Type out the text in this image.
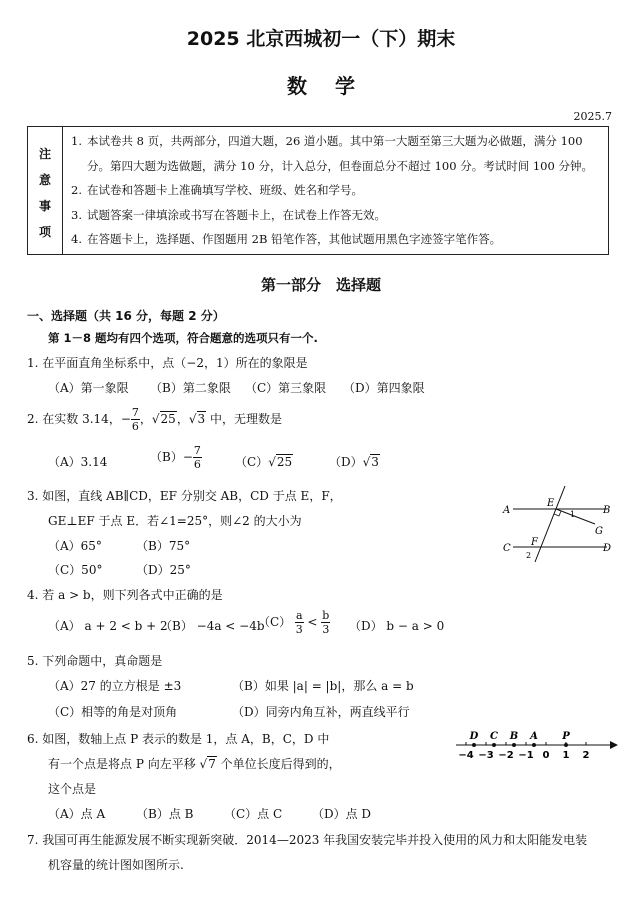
2025 北京西城初一（下）期末
数学
2025.7
注
意
事
项

1. 本试卷共 8 页，共两部分，四道大题，26 道小题。其中第一大题至第三大题为必做题，满分 100 分。第四大题为选做题，满分 10 分，计入总分，但卷面总分不超过 100 分。考试时间 100 分钟。
2. 在试卷和答题卡上准确填写学校、班级、姓名和学号。
3. 试题答案一律填涂或书写在答题卡上，在试卷上作答无效。
4. 在答题卡上，选择题、作图题用 2B 铅笔作答，其他试题用黑色字迹签字笔作答。
第一部分　选择题
一、选择题（共 16 分，每题 2 分）
第 1－8 题均有四个选项，符合题意的选项只有一个.
1. 在平面直角坐标系中，点（−2，1）所在的象限是
（A）第一象限 （B）第二象限 （C）第三象限 （D）第四象限
2. 在实数 3.14，− $\frac{7}{6}$ ，√25，√3 中，无理数是
（A）3.14	$(B)- \frac{7}{6}$	（C）√25	（D）√3
3. 如图，直线 AB∥CD，EF 分别交 AB，CD 于点 E，F，
GE⊥EF 于点 E．若∠1=25°，则∠2 的大小为
（A）65°	（B）75°
（C）50°	（D）25°
A	B
C	D
E
F
G
1
2
4. 若 a > b，则下列各式中正确的是
（A） a + 2 < b + 2
（B） −4a < −4b
$(C) \frac{a}{3} < \frac{b}{3} (D) b - a > 0$
5. 下列命题中，真命题是
（A）27 的立方根是 ±3	（B）如果 |a| = |b|，那么 a = b
（C）相等的角是对顶角	（D）同旁内角互补，两直线平行
6. 如图，数轴上点 P 表示的数是 1，点 A，B，C，D 中
有一个点是将点 P 向左平移 √7 个单位长度后得到的，
这个点是
（A）点 A	（B）点 B	（C）点 C （D）点 D
−4 −3 −2 −1 0 1 2
D C B A P
7. 我国可再生能源发展不断实现新突破．2014—2023 年我国安装完毕并投入使用的风力和太阳能发电装
机容量的统计图如图所示.
